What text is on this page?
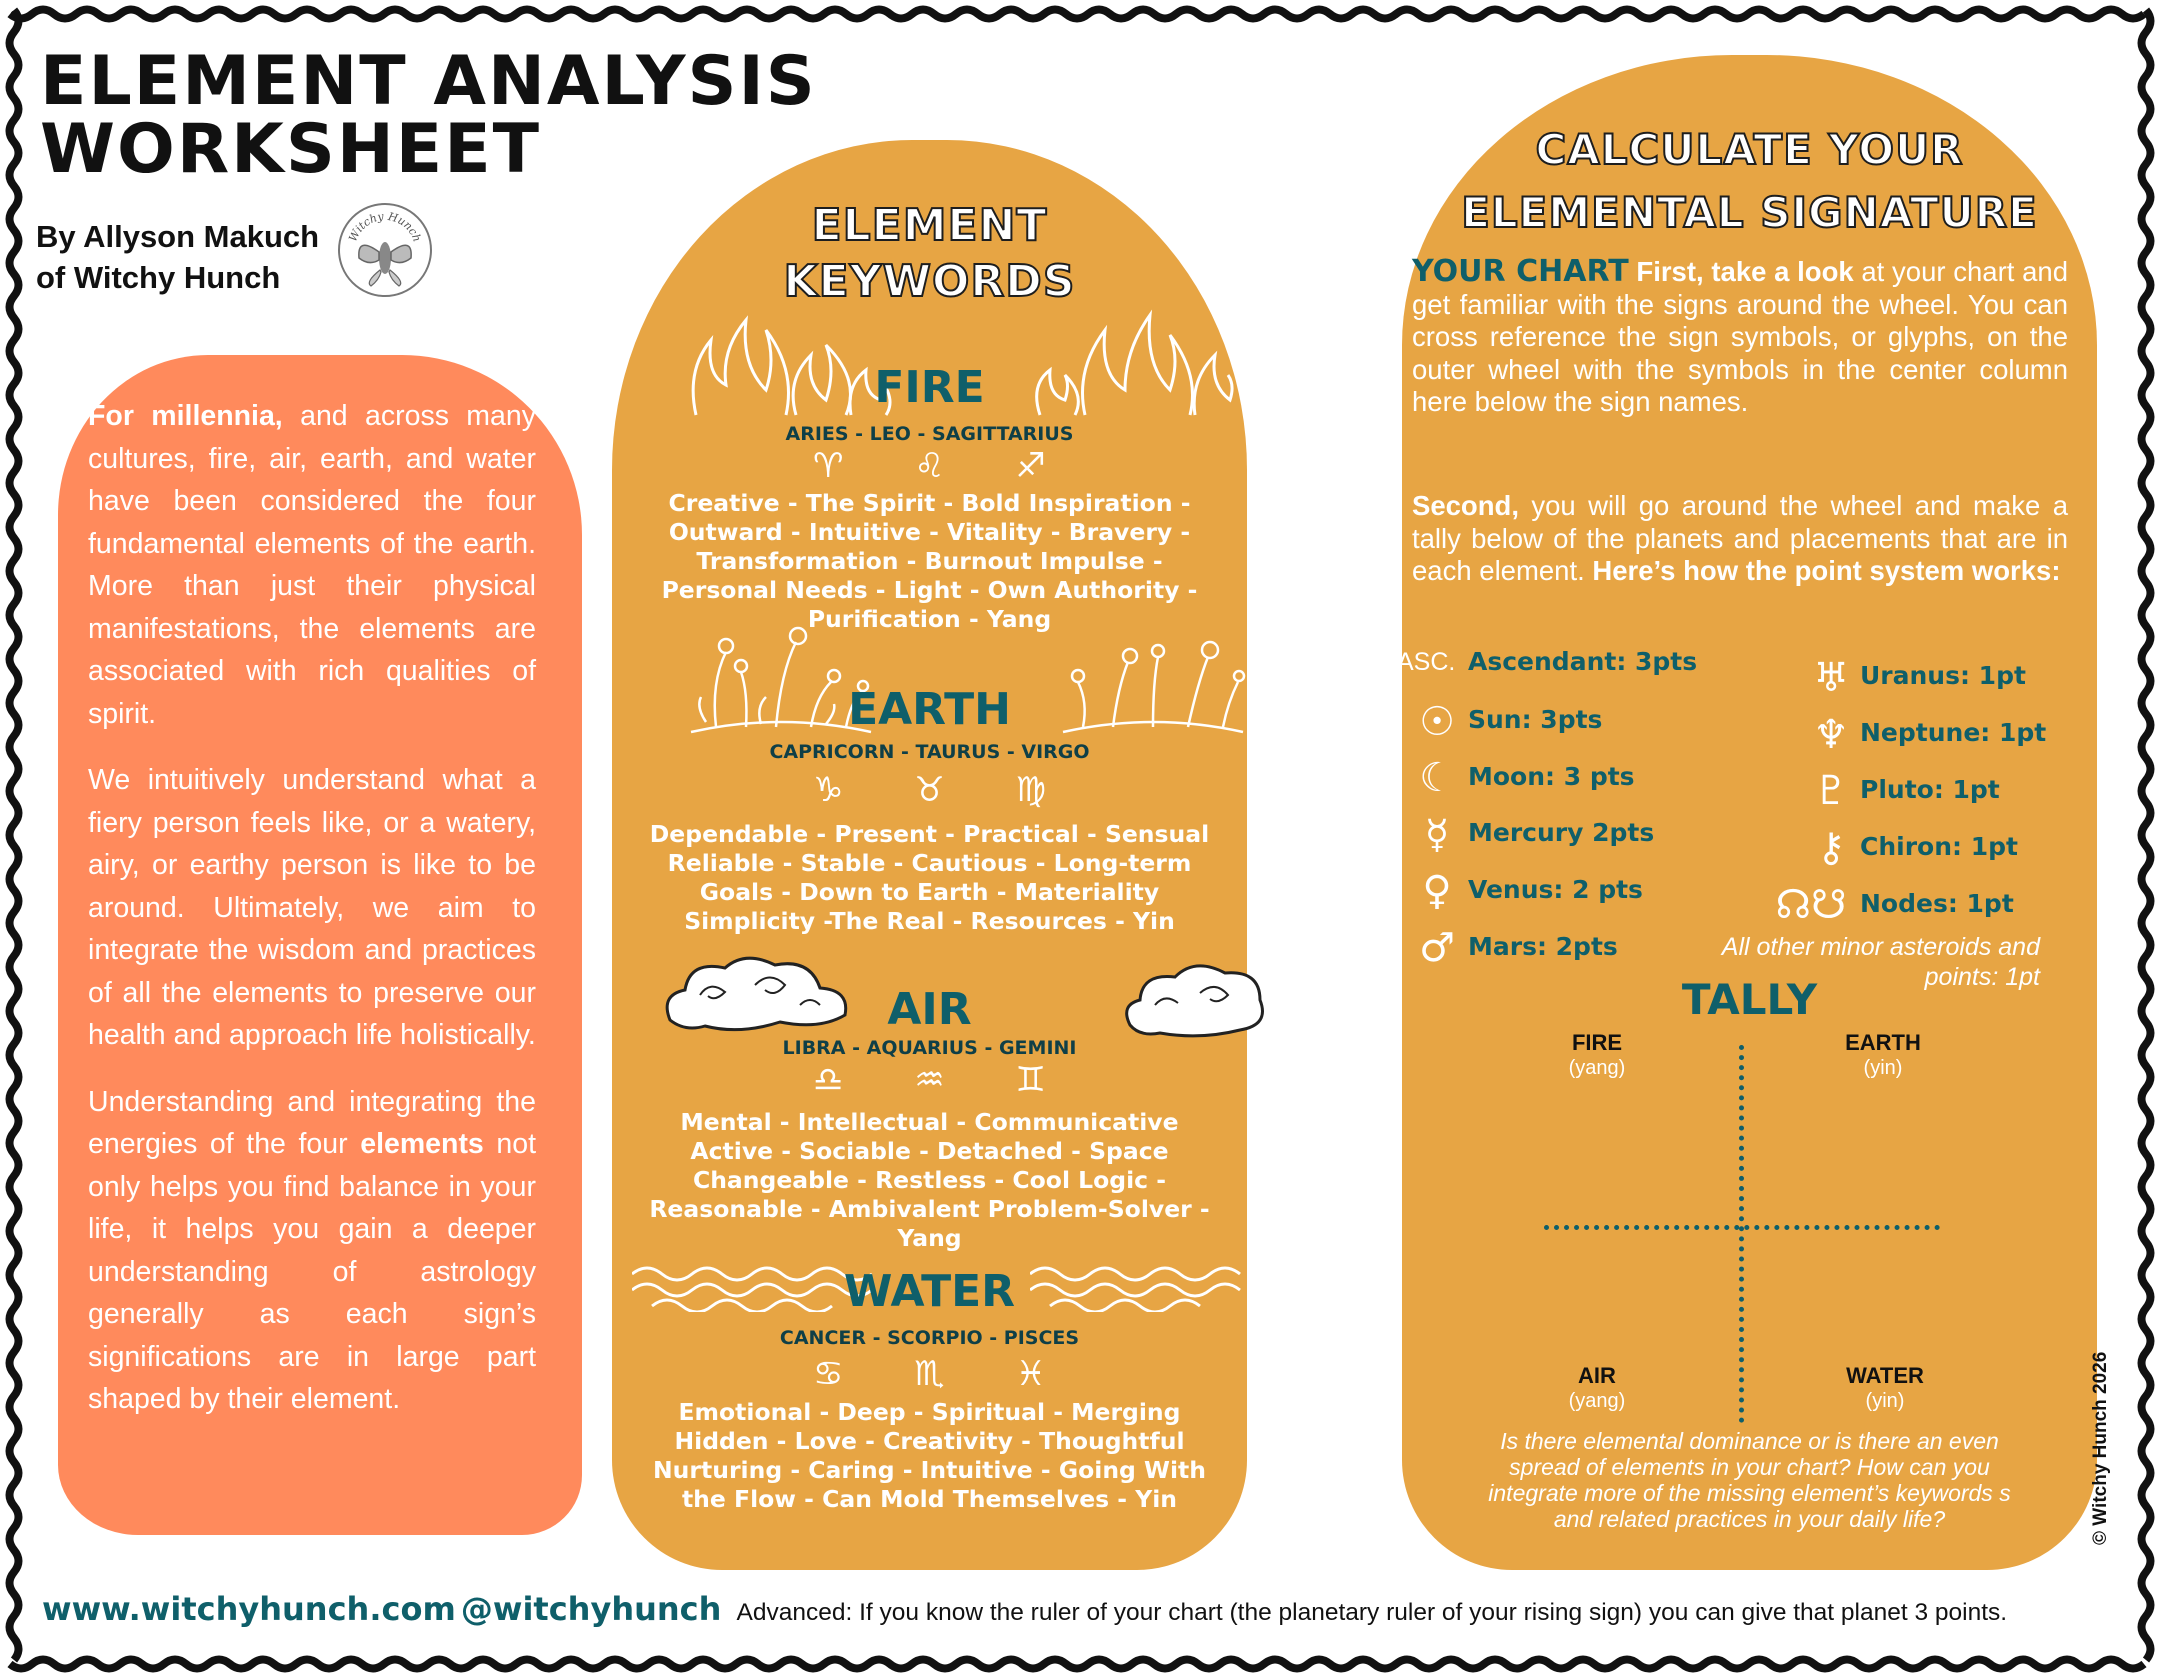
ELEMENT ANALYSIS
WORKSHEET
By Allyson Makuch
of Witchy Hunch
Witchy Hunch

For millennia, and across many cultures, fire, air, earth, and water have been considered the four fundamental elements of the earth. More than just their physical manifestations, the elements are associated with rich qualities of spirit.

We intuitively understand what a fiery person feels like, or a watery, airy, or earthy person is like to be around. Ultimately, we aim to integrate the wisdom and practices of all the elements to preserve our health and approach life holistically.

Understanding and integrating the energies of the four elements not only helps you find balance in your life, it helps you gain a deeper understanding of astrology generally as each sign’s significations are in large part shaped by their element.

ELEMENT
KEYWORDS
FIRE
ARIES - LEO - SAGITTARIUS
♈ ♌ ♐
Creative - The Spirit - Bold Inspiration - Outward - Intuitive - Vitality - Bravery - Transformation - Burnout Impulse - Personal Needs - Light - Own Authority - Purification - Yang
EARTH
CAPRICORN - TAURUS - VIRGO
♑ ♉ ♍
Dependable - Present - Practical - Sensual Reliable - Stable - Cautious - Long-term Goals - Down to Earth - Materiality Simplicity -The Real - Resources - Yin
AIR
LIBRA - AQUARIUS - GEMINI
♎ ♒ ♊
Mental - Intellectual - Communicative Active - Sociable - Detached - Space Changeable - Restless - Cool Logic - Reasonable - Ambivalent Problem-Solver - Yang
WATER
CANCER - SCORPIO - PISCES
♋ ♏ ♓
Emotional - Deep - Spiritual - Merging Hidden - Love - Creativity - Thoughtful Nurturing - Caring - Intuitive - Going With the Flow - Can Mold Themselves - Yin
CALCULATE YOUR
ELEMENTAL SIGNATURE

YOUR CHART First, take a look at your chart and get familiar with the signs around the wheel. You can cross reference the sign symbols, or glyphs, on the outer wheel with the symbols in the center column here below the sign names.

Second, you will go around the wheel and make a tally below of the planets and placements that are in each element. Here’s how the point system works:

ASC. Ascendant: 3pts
☉ Sun: 3pts
☾ Moon: 3 pts
☿ Mercury 2pts
♀ Venus: 2 pts
♂ Mars: 2pts
♅ Uranus: 1pt
♆ Neptune: 1pt
♇ Pluto: 1pt
⚷ Chiron: 1pt
☊☋ Nodes: 1pt
All other minor asteroids and points: 1pt
TALLY
FIRE
(yang)
EARTH
(yin)
AIR
(yang)
WATER
(yin)
Is there elemental dominance or is there an even spread of elements in your chart? How can you integrate more of the missing element’s keywords s and related practices in your daily life?	© Witchy Hunch 2026
www.witchyhunch.com @witchyhunch Advanced: If you know the ruler of your chart (the planetary ruler of your rising sign) you can give that planet 3 points.
